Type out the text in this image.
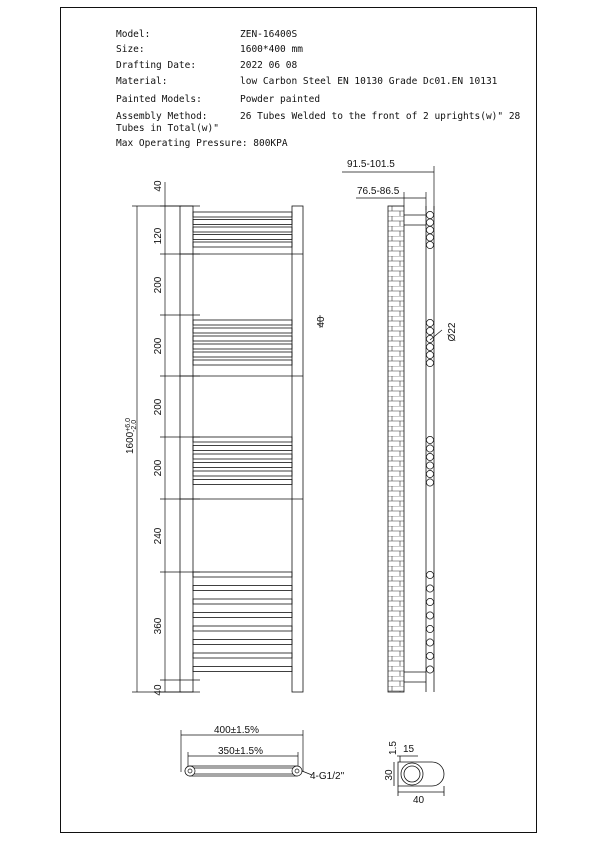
Model:	ZEN-16400S
Size:	1600*400 mm
Drafting Date:	2022 06 08
Material:	low Carbon Steel EN 10130 Grade Dc01.EN 10131
Painted Models:	Powder painted
Assembly Method:	26 Tubes Welded to the front of 2 uprights(w)" 28
Tubes in Total(w)"
Max Operating Pressure: 800KPA
$1600^{+6.0}-2.0$
40
120
200
200
200
200
240
360
40
40
91.5-101.5
76.5-86.5
Ø22
400±1.5%
350±1.5%
4-G1/2"
1.5 15
30
40
